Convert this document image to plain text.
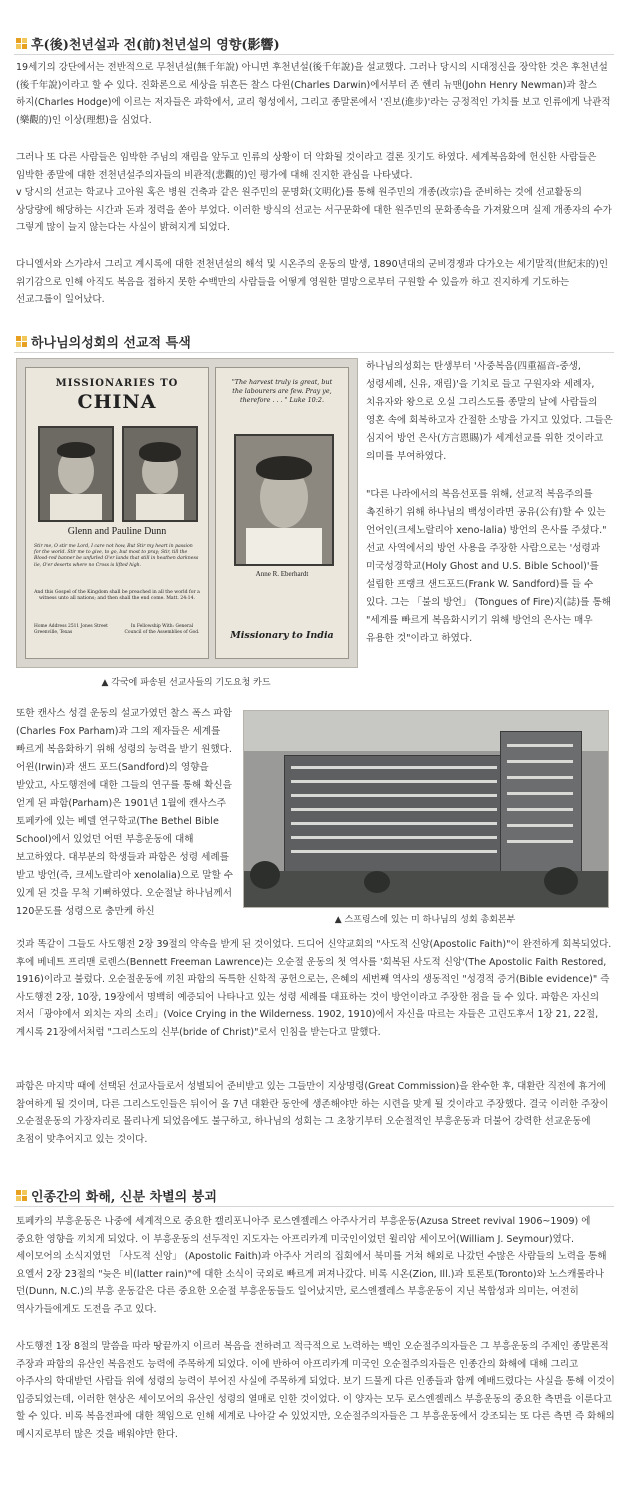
후(後)천년설과 전(前)천년설의 영향(影響)

19세기의 강단에서는 전반적으로 무천년설(無千年說) 아니면 후천년설(後千年說)을 설교했다. 그러나 당시의 시대정신을 장악한 것은 후천년설(後千年說)이라고 할 수 있다. 진화론으로 세상을 뒤흔든 찰스 다윈(Charles Darwin)에서부터 존 헨리 뉴맨(John Henry Newman)과 찰스 하지(Charles Hodge)에 이르는 저자들은 과학에서, 교리 형성에서, 그리고 종말론에서 '진보(進步)'라는 긍정적인 가치를 보고 인류에게 낙관적(樂觀的)인 이상(理想)을 심었다.

그러나 또 다른 사람들은 임박한 주님의 재림을 앞두고 인류의 상황이 더 악화될 것이라고 결론 짓기도 하였다. 세계복음화에 헌신한 사람들은 임박한 종말에 대한 전천년설주의자들의 비관적(悲觀的)인 평가에 대해 진지한 관심을 나타냈다.
v 당시의 선교는 학교나 고아원 혹은 병원 건축과 같은 원주민의 문명화(文明化)를 통해 원주민의 개종(改宗)을 준비하는 것에 선교활동의 상당량에 해당하는 시간과 돈과 정력을 쏟아 부었다. 이러한 방식의 선교는 서구문화에 대한 원주민의 문화종속을 가져왔으며 실제 개종자의 수가 그렇게 많이 늘지 않는다는 사실이 밝혀지게 되었다.

다니엘서와 스가랴서 그리고 계시록에 대한 전천년설의 해석 및 시온주의 운동의 발생, 1890년대의 군비경쟁과 다가오는 세기말적(世紀末的)인 위기감으로 인해 아직도 복음을 접하지 못한 수백만의 사람들을 어떻게 영원한 멸망으로부터 구원할 수 있을까 하고 진지하게 기도하는 선교그룹이 일어났다.

하나님의성회의 선교적 특색
MISSIONARIES TO
CHINA
Glenn and Pauline Dunn
Stir me, O stir me Lord, I care not how, But Stir my heart in passion for the world. Stir me to give, to go, but most to pray; Stir, till the Blood-red banner be unfurled O'er lands that still in heathen darkness lie, O'er deserts where no Cross is lifted high.
And this Gospel of the Kingdom shall be preached in all the world for a witness unto all nations; and then shall the end come. Matt. 24:14.
Home Address 2511 Jones Street Greenville, Texas
In Fellowship With: General Council of the Assemblies of God.
"The harvest truly is great, but the labourers are few. Pray ye, therefore . . . " Luke 10:2.
Anne R. Eberhardt
Missionary to India
▲ 각국에 파송된 선교사들의 기도요청 카드

하나님의성회는 탄생부터 '사중복음(四重福音-중생, 성령세례, 신유, 재림)'을 기치로 들고 구원자와 세례자, 치유자와 왕으로 오실 그리스도를 종말의 날에 사람들의 영혼 속에 회복하고자 간절한 소망을 가지고 있었다. 그들은 심지어 방언 은사(方言恩賜)가 세계선교를 위한 것이라고 의미를 부여하였다.

"다른 나라에서의 복음선포를 위해, 선교적 복음주의를 촉진하기 위해 하나님의 백성이라면 공유(公有)할 수 있는 언어인(크세노랄리아 xeno-lalia) 방언의 은사를 주셨다." 선교 사역에서의 방언 사용을 주장한 사람으로는 '성령과 미국성경학교(Holy Ghost and U.S. Bible School)'를 설립한 프랭크 샌드포드(Frank W. Sandford)를 들 수 있다. 그는 「불의 방언」 (Tongues of Fire)지(誌)를 통해 "세계를 빠르게 복음화시키기 위해 방언의 은사는 매우 유용한 것"이라고 하였다.

▲ 스프링스에 있는 미 하나님의 성회 총회본부

또한 캔사스 성결 운동의 설교가였던 찰스 폭스 파함(Charles Fox Parham)과 그의 제자들은 세계를 빠르게 복음화하기 위해 성령의 능력을 받기 원했다. 어윈(Irwin)과 샌드 포드(Sandford)의 영향을 받았고, 사도행전에 대한 그들의 연구를 통해 확신을 얻게 된 파함(Parham)은 1901년 1월에 캔사스주 토페카에 있는 베델 연구학교(The Bethel Bible School)에서 있었던 어떤 부흥운동에 대해 보고하였다. 대부분의 학생들과 파함은 성령 세례를 받고 방언(즉, 크세노랄리아 xenolalia)으로 말할 수 있게 된 것을 무척 기뻐하였다. 오순절날 하나님께서 120문도를 성령으로 충만케 하신

것과 똑같이 그들도 사도행전 2장 39절의 약속을 받게 된 것이었다. 드디어 신약교회의 "사도적 신앙(Apostolic Faith)"이 완전하게 회복되었다. 후에 베네트 프리맨 로렌스(Bennett Freeman Lawrence)는 오순절 운동의 첫 역사를 '회복된 사도적 신앙'(The Apostolic Faith Restored, 1916)이라고 불렀다. 오순절운동에 끼친 파함의 독특한 신학적 공헌으로는, 은혜의 세번째 역사의 생동적인 "성경적 증거(Bible evidence)" 즉 사도행전 2장, 10장, 19장에서 명백히 예증되어 나타나고 있는 성령 세례를 대표하는 것이 방언이라고 주장한 점을 들 수 있다. 파함은 자신의 저서「광야에서 외치는 자의 소리」(Voice Crying in the Wilderness. 1902, 1910)에서 자신을 따르는 자들은 고린도후서 1장 21, 22절, 계시록 21장에서처럼 "그리스도의 신부(bride of Christ)"로서 인침을 받는다고 말했다.

파함은 마지막 때에 선택된 선교사들로서 성별되어 준비받고 있는 그들만이 지상명령(Great Commission)을 완수한 후, 대환란 직전에 휴거에 참여하게 될 것이며, 다른 그리스도인들은 뒤이어 올 7년 대환란 동안에 생존해야만 하는 시련을 맞게 될 것이라고 주장했다. 결국 이러한 주장이 오순절운동의 가장자리로 몰리나게 되었음에도 불구하고, 하나님의 성회는 그 초창기부터 오순절적인 부흥운동과 더불어 강력한 선교운동에 초점이 맞추어지고 있는 것이다.

인종간의 화해, 신분 차별의 붕괴

토페카의 부흥운동은 나중에 세계적으로 중요한 캘리포니아주 로스엔젤레스 아주사거리 부흥운동(Azusa Street revival 1906~1909) 에 중요한 영향을 끼치게 되었다. 이 부흥운동의 선두적인 지도자는 아프리카계 미국인이었던 윌리암 세이모어(William J. Seymour)였다. 세이모어의 소식지였던 「사도적 신앙」 (Apostolic Faith)과 아주사 거리의 집회에서 북미를 거쳐 해외로 나갔던 수많은 사람들의 노력을 통해 요엘서 2장 23절의 "늦은 비(latter rain)"에 대한 소식이 국외로 빠르게 퍼져나갔다. 비록 시온(Zion, Ill.)과 토론토(Toronto)와 노스캐롤라나 던(Dunn, N.C.)의 부흥 운동같은 다른 중요한 오순절 부흥운동들도 일어났지만, 로스엔젤레스 부흥운동이 지닌 복합성과 의미는, 여전히 역사가들에게도 도전을 주고 있다.

사도행전 1장 8절의 말씀을 따라 땅끝까지 이르러 복음을 전하려고 적극적으로 노력하는 백인 오순절주의자들은 그 부흥운동의 주제인 종말론적 주장과 파함의 유산인 복음전도 능력에 주목하게 되었다. 이에 반하여 아프리카계 미국인 오순절주의자들은 인종간의 화해에 대해 그리고 아주사의 학대받던 사람들 위에 성령의 능력이 부어진 사실에 주목하게 되었다. 보기 드물게 다른 인종들과 함께 예배드렸다는 사실을 통해 이것이 입증되었는데, 이러한 현상은 세이모어의 유산인 성령의 열매로 인한 것이었다. 이 양자는 모두 로스엔젤레스 부흥운동의 중요한 측면을 이룬다고 할 수 있다. 비록 복음전파에 대한 책임으로 인해 세계로 나아갈 수 있었지만, 오순절주의자들은 그 부흥운동에서 강조되는 또 다른 측면 즉 화해의 메시지로부터 많은 것을 배워야만 한다.
